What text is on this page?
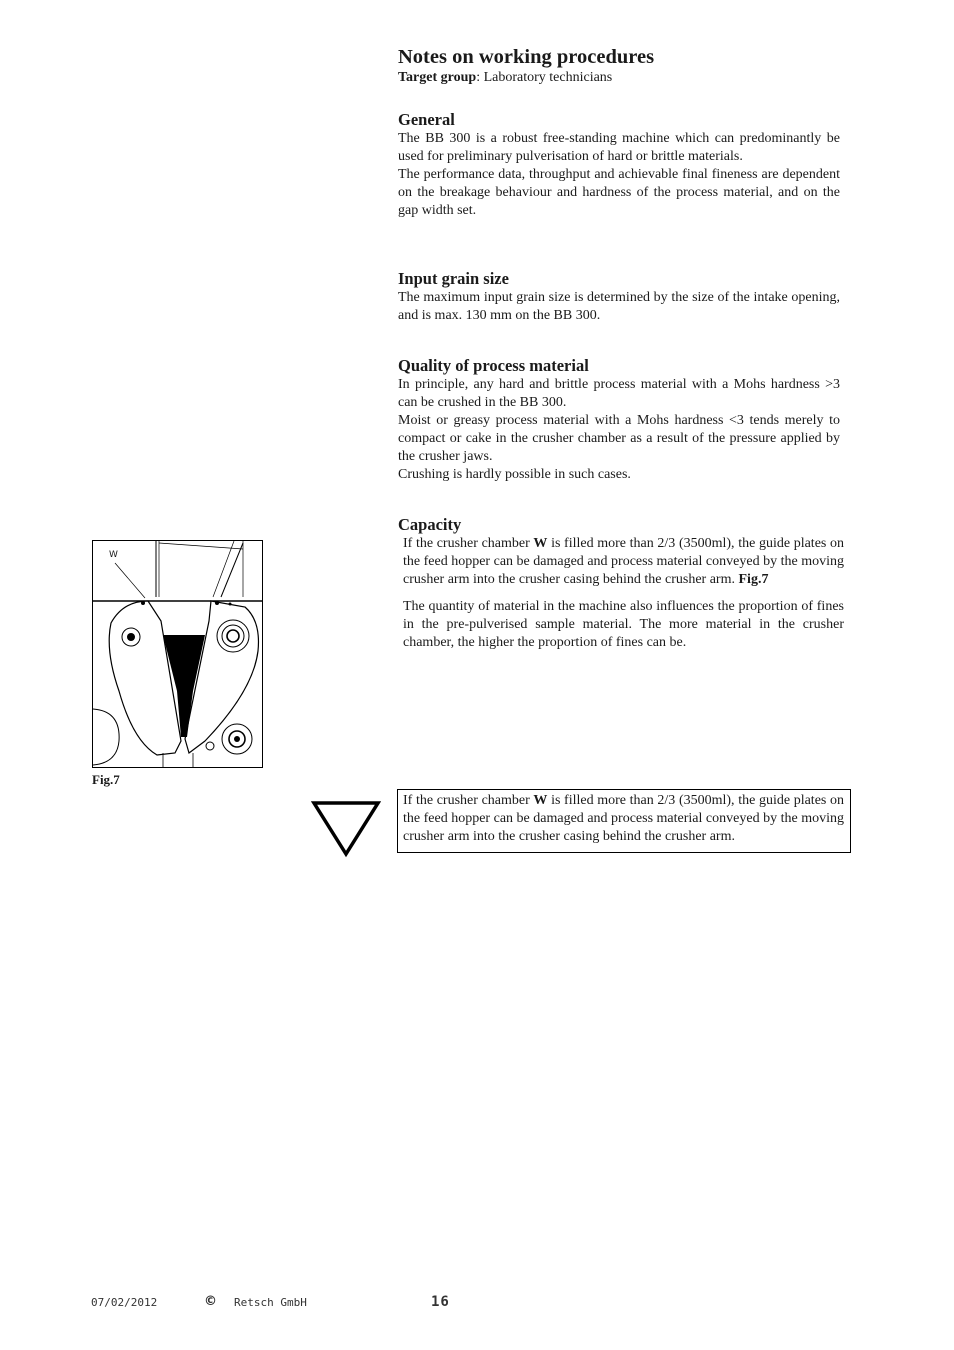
Notes on working procedures
Target group: Laboratory technicians
General

The BB 300 is a robust free-standing machine which can predominantly be used for preliminary pulverisation of hard or brittle materials.

The performance data, throughput and achievable final fineness are dependent on the breakage behaviour and hardness of the process material, and on the gap width set.

Input grain size

The maximum input grain size is determined by the size of the intake opening, and is max. 130 mm on the BB 300.

Quality of process material

In principle, any hard and brittle process material with a Mohs hardness >3 can be crushed in the BB 300.

Moist or greasy process material with a Mohs hardness <3 tends merely to compact or cake in the crusher chamber as a result of the pressure applied by the crusher jaws.

Crushing is hardly possible in such cases.

Capacity

If the crusher chamber W is filled more than 2/3 (3500ml), the guide plates on the feed hopper can be damaged and process material conveyed by the moving crusher arm into the crusher casing behind the crusher arm. Fig.7

The quantity of material in the machine also influences the proportion of fines in the pre-pulverised sample material. The more material in the crusher chamber, the higher the proportion of fines can be.

W
Fig.7

If the crusher chamber W is filled more than 2/3 (3500ml), the guide plates on the feed hopper can be damaged and process material conveyed by the moving crusher arm into the crusher casing behind the crusher arm.

07/02/2012	© Retsch GmbH	16
